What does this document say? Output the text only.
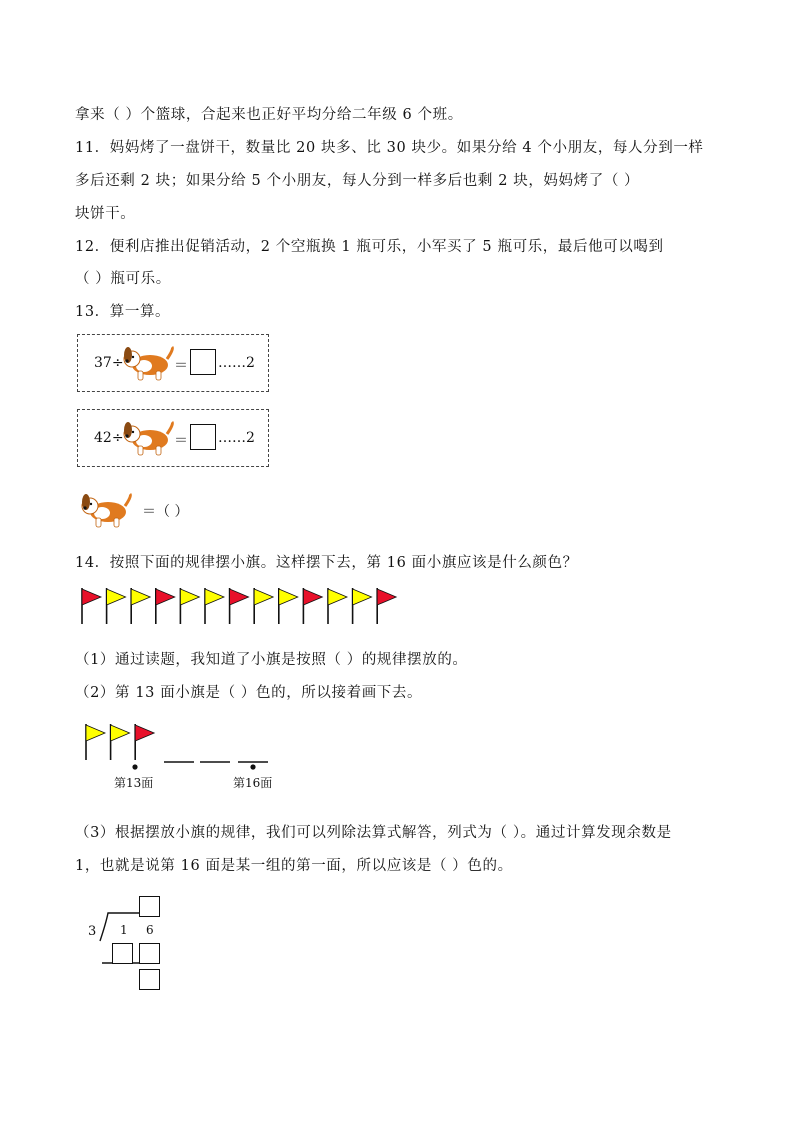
拿来（ ）个篮球，合起来也正好平均分给二年级 6 个班。
11．妈妈烤了一盘饼干，数量比 20 块多、比 30 块少。如果分给 4 个小朋友，每人分到一样
多后还剩 2 块；如果分给 5 个小朋友，每人分到一样多后也剩 2 块，妈妈烤了（ ）
块饼干。
12．便利店推出促销活动，2 个空瓶换 1 瓶可乐，小军买了 5 瓶可乐，最后他可以喝到
（ ）瓶可乐。
13．算一算。
37÷	＝ ……2
42÷	＝ ……2
＝（ ）
14．按照下面的规律摆小旗。这样摆下去，第 16 面小旗应该是什么颜色？
（1）通过读题，我知道了小旗是按照（ ）的规律摆放的。
（2）第 13 面小旗是（ ）色的，所以接着画下去。
第13面	第16面
（3）根据摆放小旗的规律，我们可以列除法算式解答，列式为（ ）。通过计算发现余数是
1，也就是说第 16 面是某一组的第一面，所以应该是（ ）色的。
3 1 6
